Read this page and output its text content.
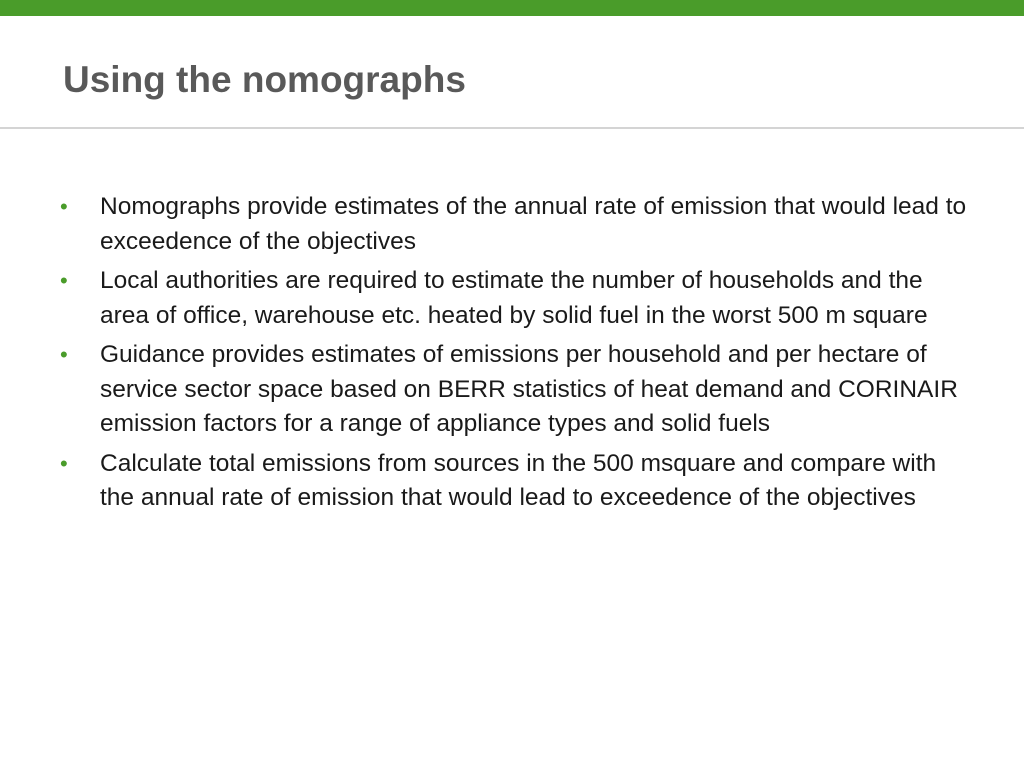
Using the nomographs
• Nomographs provide estimates of the annual rate of emission that would lead to exceedence of the objectives
• Local authorities are required to estimate the number of households and the area of office, warehouse etc. heated by solid fuel in the worst 500 m square
• Guidance provides estimates of emissions per household and per hectare of service sector space based on BERR statistics of heat demand and CORINAIR emission factors for a range of appliance types and solid fuels
• Calculate total emissions from sources in the 500 msquare and compare with the annual rate of emission that would lead to exceedence of the objectives
